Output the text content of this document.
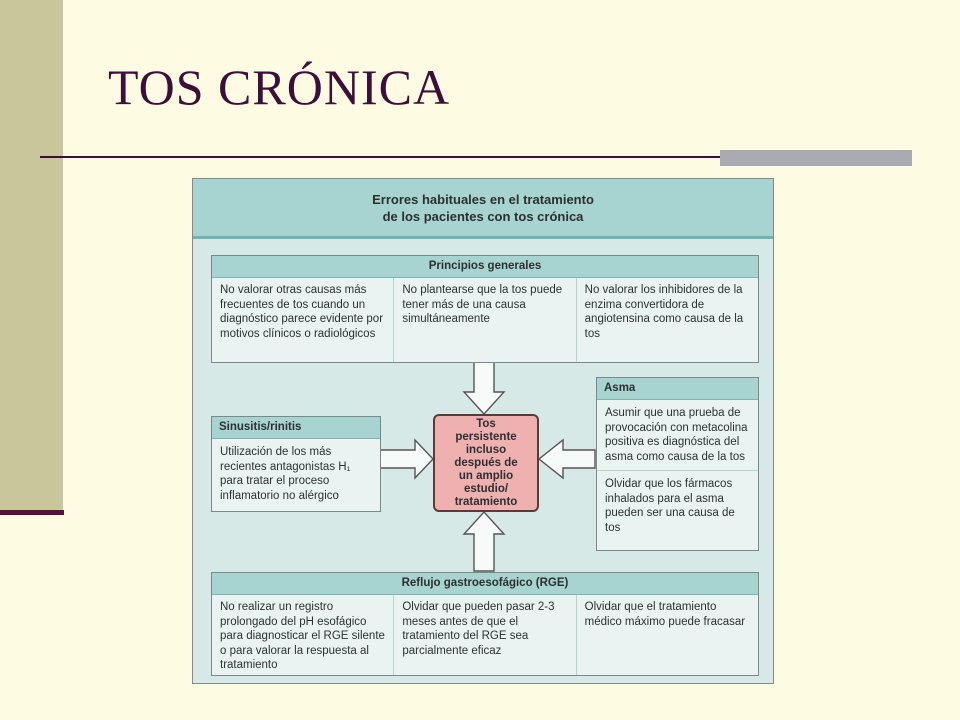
TOS CRÓNICA
Errores habituales en el tratamiento
de los pacientes con tos crónica
Principios generales
No valorar otras causas más frecuentes de tos cuando un diagnóstico parece evidente por motivos clínicos o radiológicos
No plantearse que la tos puede tener más de una causa simultáneamente
No valorar los inhibidores de la enzima convertidora de angiotensina como causa de la tos
Sinusitis/rinitis
Utilización de los más recientes antagonistas H₁ para tratar el proceso inflamatorio no alérgico
Tos
persistente
incluso
después de
un amplio
estudio/
tratamiento
Asma
Asumir que una prueba de provocación con metacolina positiva es diagnóstica del asma como causa de la tos
Olvidar que los fármacos inhalados para el asma pueden ser una causa de tos
Reflujo gastroesofágico (RGE)
No realizar un registro prolongado del pH esofágico para diagnosticar el RGE silente o para valorar la respuesta al tratamiento
Olvidar que pueden pasar 2-3 meses antes de que el tratamiento del RGE sea parcialmente eficaz
Olvidar que el tratamiento médico máximo puede fracasar
